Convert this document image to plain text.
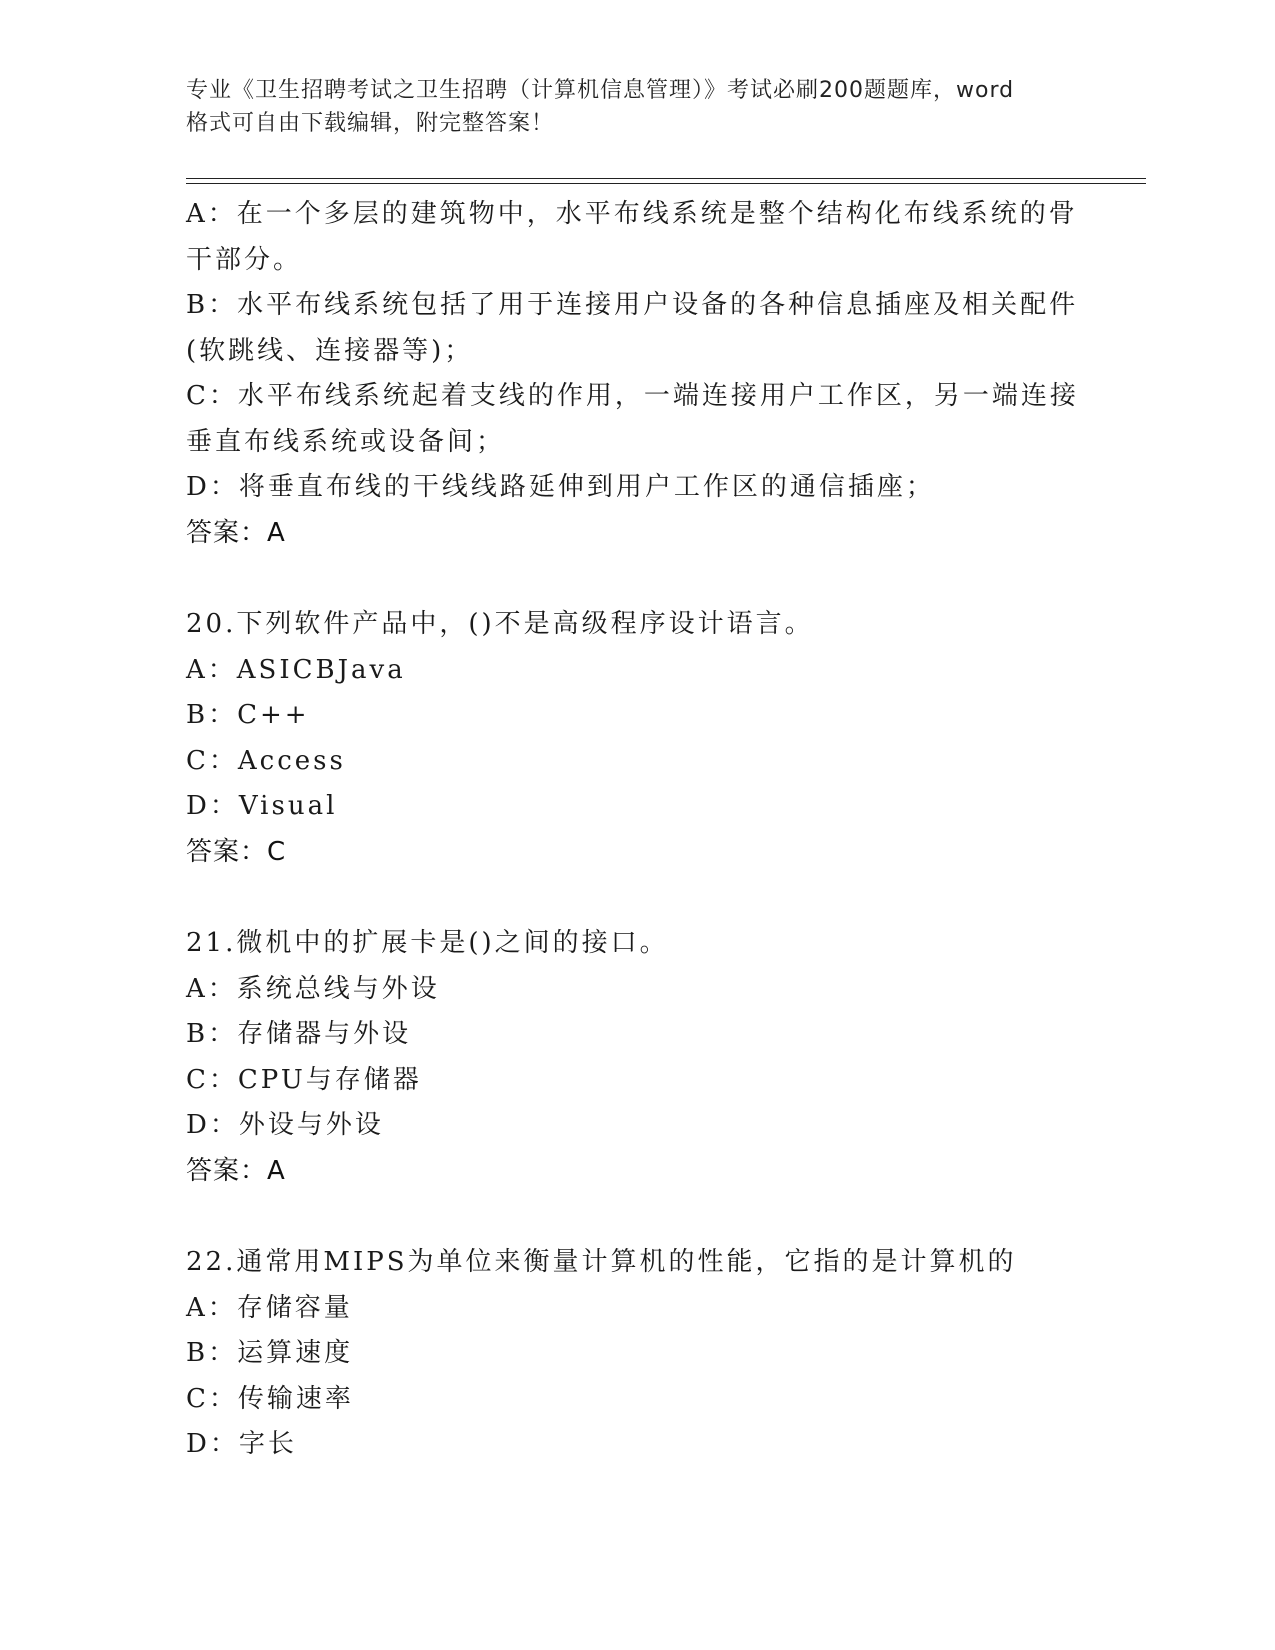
专业《卫生招聘考试之卫生招聘（计算机信息管理）》考试必刷200题题库，word
格式可自由下载编辑，附完整答案！
A：在一个多层的建筑物中，水平布线系统是整个结构化布线系统的骨
干部分。
B：水平布线系统包括了用于连接用户设备的各种信息插座及相关配件
(软跳线、连接器等)；
C：水平布线系统起着支线的作用，一端连接用户工作区，另一端连接
垂直布线系统或设备间；
D：将垂直布线的干线线路延伸到用户工作区的通信插座；
答案：A
20.下列软件产品中，()不是高级程序设计语言。
A：ASICBJava
B：C++
C：Access
D：Visual
答案：C
21.微机中的扩展卡是()之间的接口。
A：系统总线与外设
B：存储器与外设
C：CPU与存储器
D：外设与外设
答案：A
22.通常用MIPS为单位来衡量计算机的性能，它指的是计算机的
A：存储容量
B：运算速度
C：传输速率
D：字长
